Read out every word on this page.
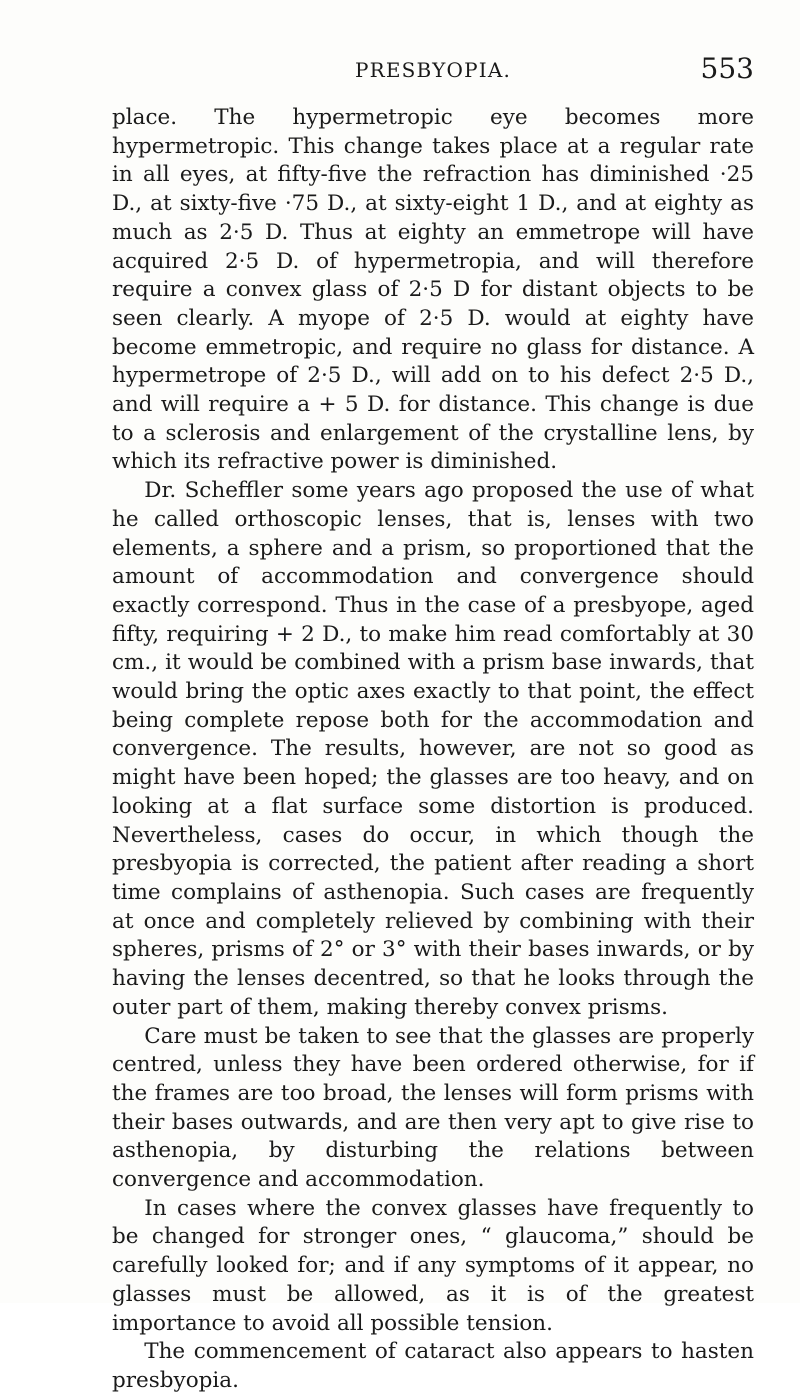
PRESBYOPIA.	553

place. The hypermetropic eye becomes more hypermetropic. This change takes place at a regular rate in all eyes, at fifty-five the refraction has diminished ·25 D., at sixty-five ·75 D., at sixty-eight 1 D., and at eighty as much as 2·5 D. Thus at eighty an emmetrope will have acquired 2·5 D. of hypermetropia, and will therefore require a convex glass of 2·5 D for distant objects to be seen clearly. A myope of 2·5 D. would at eighty have become emmetropic, and require no glass for distance. A hypermetrope of 2·5 D., will add on to his defect 2·5 D., and will require a + 5 D. for distance. This change is due to a sclerosis and enlargement of the crystalline lens, by which its refractive power is diminished.

Dr. Scheffler some years ago proposed the use of what he called orthoscopic lenses, that is, lenses with two elements, a sphere and a prism, so proportioned that the amount of accommodation and convergence should exactly correspond. Thus in the case of a presbyope, aged fifty, requiring + 2 D., to make him read comfortably at 30 cm., it would be combined with a prism base inwards, that would bring the optic axes exactly to that point, the effect being complete repose both for the accommodation and convergence. The results, however, are not so good as might have been hoped; the glasses are too heavy, and on looking at a flat surface some distortion is produced. Nevertheless, cases do occur, in which though the presbyopia is corrected, the patient after reading a short time complains of asthenopia. Such cases are frequently at once and completely relieved by combining with their spheres, prisms of 2° or 3° with their bases inwards, or by having the lenses decentred, so that he looks through the outer part of them, making thereby convex prisms.

Care must be taken to see that the glasses are properly centred, unless they have been ordered otherwise, for if the frames are too broad, the lenses will form prisms with their bases outwards, and are then very apt to give rise to asthenopia, by disturbing the relations between convergence and accommodation.

In cases where the convex glasses have frequently to be changed for stronger ones, “ glaucoma,” should be carefully looked for; and if any symptoms of it appear, no glasses must be allowed, as it is of the greatest importance to avoid all possible tension.

The commencement of cataract also appears to hasten presbyopia.
